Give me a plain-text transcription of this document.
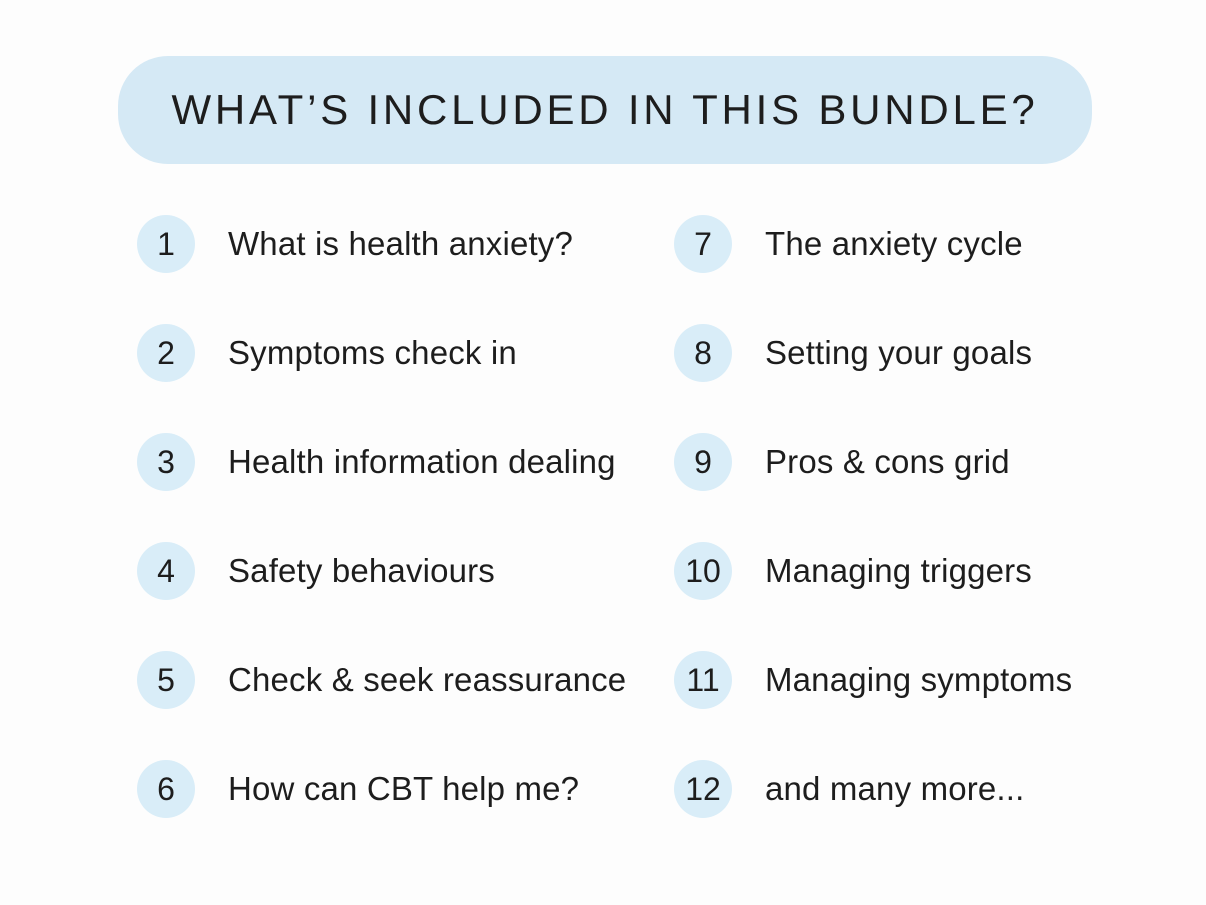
WHAT’S INCLUDED IN THIS BUNDLE?
1	What is health anxiety?
2	Symptoms check in
3	Health information dealing
4	Safety behaviours
5	Check & seek reassurance
6	How can CBT help me?
7	The anxiety cycle
8	Setting your goals
9	Pros & cons grid
10	Managing triggers
11	Managing symptoms
12	and many more...
